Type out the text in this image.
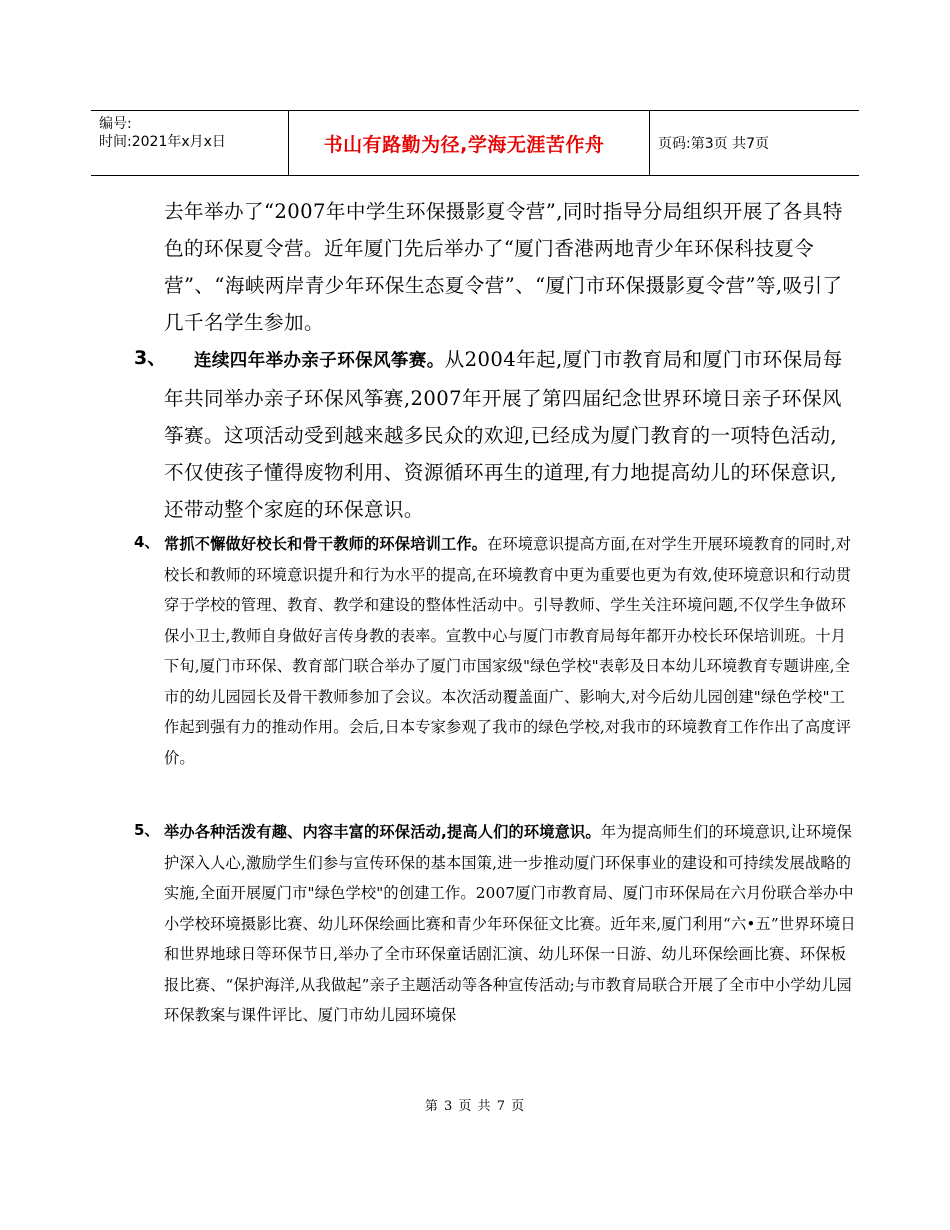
编号:
时间:2021年x月x日	书山有路勤为径,学海无涯苦作舟	页码:第3页 共7页

去年举办了“2007年中学生环保摄影夏令营”,同时指导分局组织开展了各具特色的环保夏令营。近年厦门先后举办了“厦门香港两地青少年环保科技夏令营”、“海峡两岸青少年环保生态夏令营”、“厦门市环保摄影夏令营”等,吸引了几千名学生参加。

3、	连续四年举办亲子环保风筝赛。从2004年起,厦门市教育局和厦门市环保局每年共同举办亲子环保风筝赛,2007年开展了第四届纪念世界环境日亲子环保风筝赛。这项活动受到越来越多民众的欢迎,已经成为厦门教育的一项特色活动,不仅使孩子懂得废物利用、资源循环再生的道理,有力地提高幼儿的环保意识,还带动整个家庭的环保意识。

4、 常抓不懈做好校长和骨干教师的环保培训工作。在环境意识提高方面,在对学生开展环境教育的同时,对校长和教师的环境意识提升和行为水平的提高,在环境教育中更为重要也更为有效,使环境意识和行动贯穿于学校的管理、教育、教学和建设的整体性活动中。引导教师、学生关注环境问题,不仅学生争做环保小卫士,教师自身做好言传身教的表率。宣教中心与厦门市教育局每年都开办校长环保培训班。十月下旬,厦门市环保、教育部门联合举办了厦门市国家级"绿色学校"表彰及日本幼儿环境教育专题讲座,全市的幼儿园园长及骨干教师参加了会议。本次活动覆盖面广、影响大,对今后幼儿园创建"绿色学校"工作起到强有力的推动作用。会后,日本专家参观了我市的绿色学校,对我市的环境教育工作作出了高度评价。

5、 举办各种活泼有趣、内容丰富的环保活动,提高人们的环境意识。年为提高师生们的环境意识,让环境保护深入人心,激励学生们参与宣传环保的基本国策,进一步推动厦门环保事业的建设和可持续发展战略的实施,全面开展厦门市"绿色学校"的创建工作。2007厦门市教育局、厦门市环保局在六月份联合举办中小学校环境摄影比赛、幼儿环保绘画比赛和青少年环保征文比赛。近年来,厦门利用“六•五”世界环境日和世界地球日等环保节日,举办了全市环保童话剧汇演、幼儿环保一日游、幼儿环保绘画比赛、环保板报比赛、“保护海洋,从我做起”亲子主题活动等各种宣传活动;与市教育局联合开展了全市中小学幼儿园环保教案与课件评比、厦门市幼儿园环境保

第 3 页 共 7 页
